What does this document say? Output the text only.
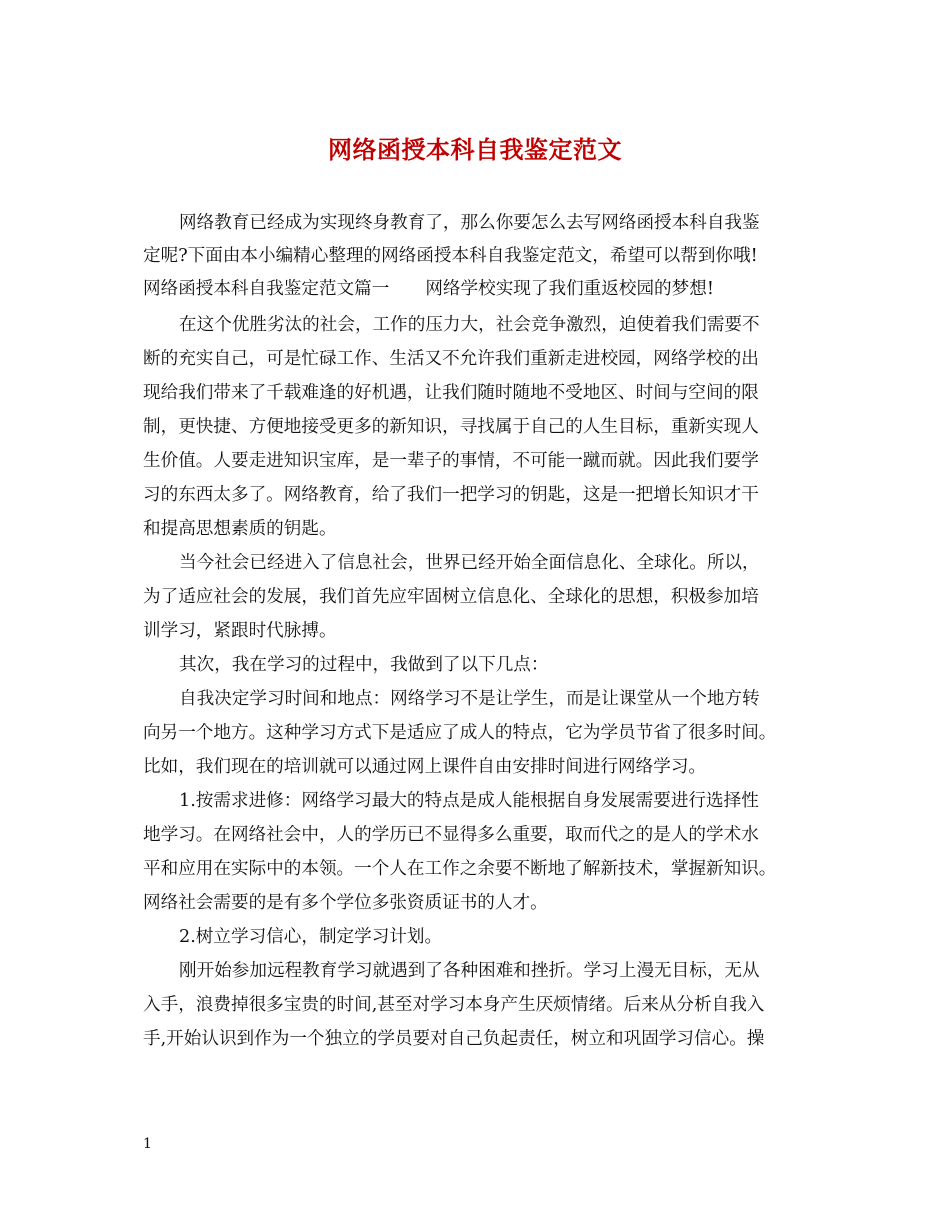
网络函授本科自我鉴定范文
网络教育已经成为实现终身教育了，那么你要怎么去写网络函授本科自我鉴
定呢?下面由本小编精心整理的网络函授本科自我鉴定范文，希望可以帮到你哦!
网络函授本科自我鉴定范文篇一 网络学校实现了我们重返校园的梦想!
在这个优胜劣汰的社会，工作的压力大，社会竞争激烈，迫使着我们需要不
断的充实自己，可是忙碌工作、生活又不允许我们重新走进校园，网络学校的出
现给我们带来了千载难逢的好机遇，让我们随时随地不受地区、时间与空间的限
制，更快捷、方便地接受更多的新知识，寻找属于自己的人生目标，重新实现人
生价值。人要走进知识宝库，是一辈子的事情，不可能一蹴而就。因此我们要学
习的东西太多了。网络教育，给了我们一把学习的钥匙，这是一把增长知识才干
和提高思想素质的钥匙。
当今社会已经进入了信息社会，世界已经开始全面信息化、全球化。所以，
为了适应社会的发展，我们首先应牢固树立信息化、全球化的思想，积极参加培
训学习，紧跟时代脉搏。
其次，我在学习的过程中，我做到了以下几点：
自我决定学习时间和地点：网络学习不是让学生，而是让课堂从一个地方转
向另一个地方。这种学习方式下是适应了成人的特点，它为学员节省了很多时间。
比如，我们现在的培训就可以通过网上课件自由安排时间进行网络学习。
1.按需求进修：网络学习最大的特点是成人能根据自身发展需要进行选择性
地学习。在网络社会中，人的学历已不显得多么重要，取而代之的是人的学术水
平和应用在实际中的本领。一个人在工作之余要不断地了解新技术，掌握新知识。
网络社会需要的是有多个学位多张资质证书的人才。
2.树立学习信心，制定学习计划。
刚开始参加远程教育学习就遇到了各种困难和挫折。学习上漫无目标，无从
入手，浪费掉很多宝贵的时间,甚至对学习本身产生厌烦情绪。后来从分析自我入
手,开始认识到作为一个独立的学员要对自己负起责任，树立和巩固学习信心。操
1
